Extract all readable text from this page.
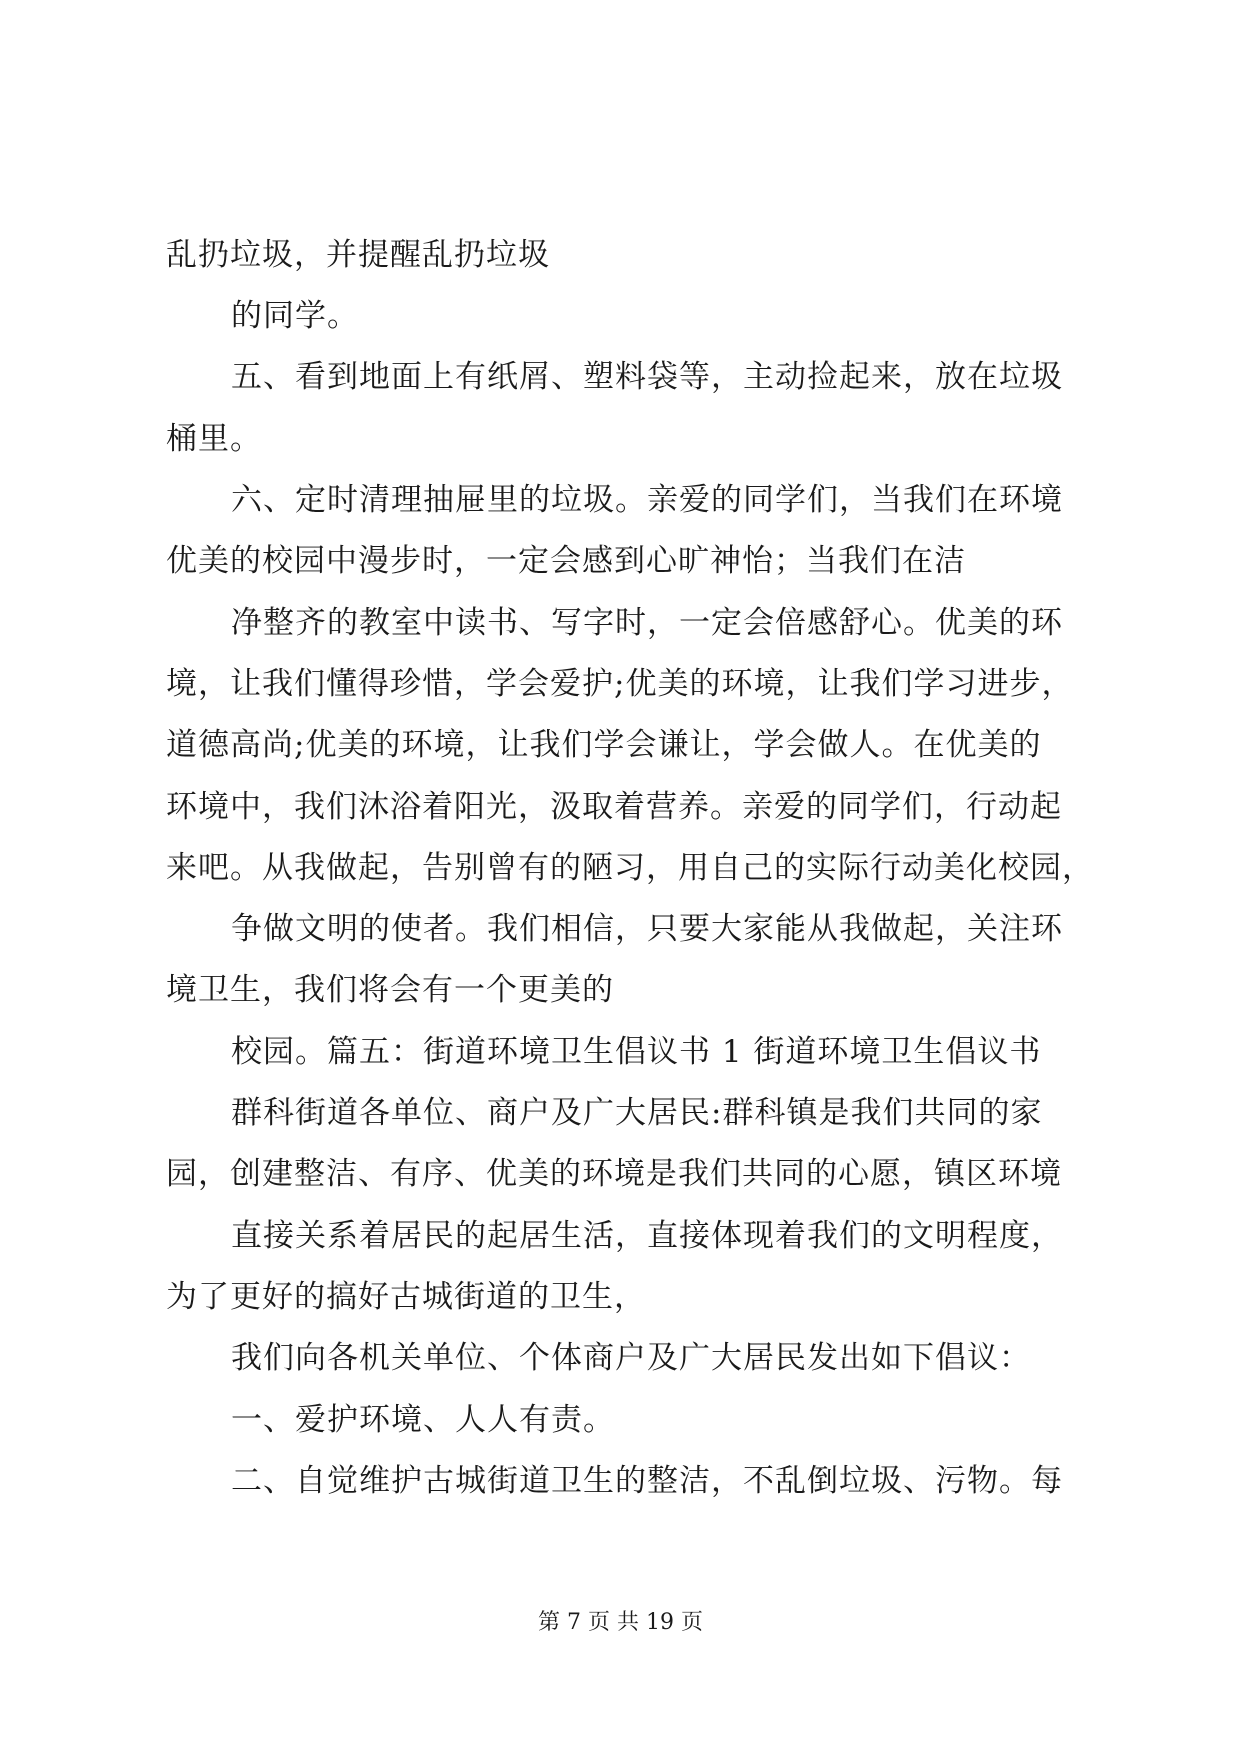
乱扔垃圾，并提醒乱扔垃圾
的同学。
五、看到地面上有纸屑、塑料袋等，主动捡起来，放在垃圾
桶里。
六、定时清理抽屉里的垃圾。亲爱的同学们，当我们在环境
优美的校园中漫步时，一定会感到心旷神怡；当我们在洁
净整齐的教室中读书、写字时，一定会倍感舒心。优美的环
境，让我们懂得珍惜，学会爱护;优美的环境，让我们学习进步，
道德高尚;优美的环境，让我们学会谦让，学会做人。在优美的
环境中，我们沐浴着阳光，汲取着营养。亲爱的同学们，行动起
来吧。从我做起，告别曾有的陋习，用自己的实际行动美化校园，
争做文明的使者。我们相信，只要大家能从我做起，关注环
境卫生，我们将会有一个更美的
校园。篇五：街道环境卫生倡议书 1 街道环境卫生倡议书
群科街道各单位、商户及广大居民:群科镇是我们共同的家
园，创建整洁、有序、优美的环境是我们共同的心愿，镇区环境
直接关系着居民的起居生活，直接体现着我们的文明程度，
为了更好的搞好古城街道的卫生，
我们向各机关单位、个体商户及广大居民发出如下倡议：
一、爱护环境、人人有责。
二、自觉维护古城街道卫生的整洁，不乱倒垃圾、污物。每
第 7 页 共 19 页
